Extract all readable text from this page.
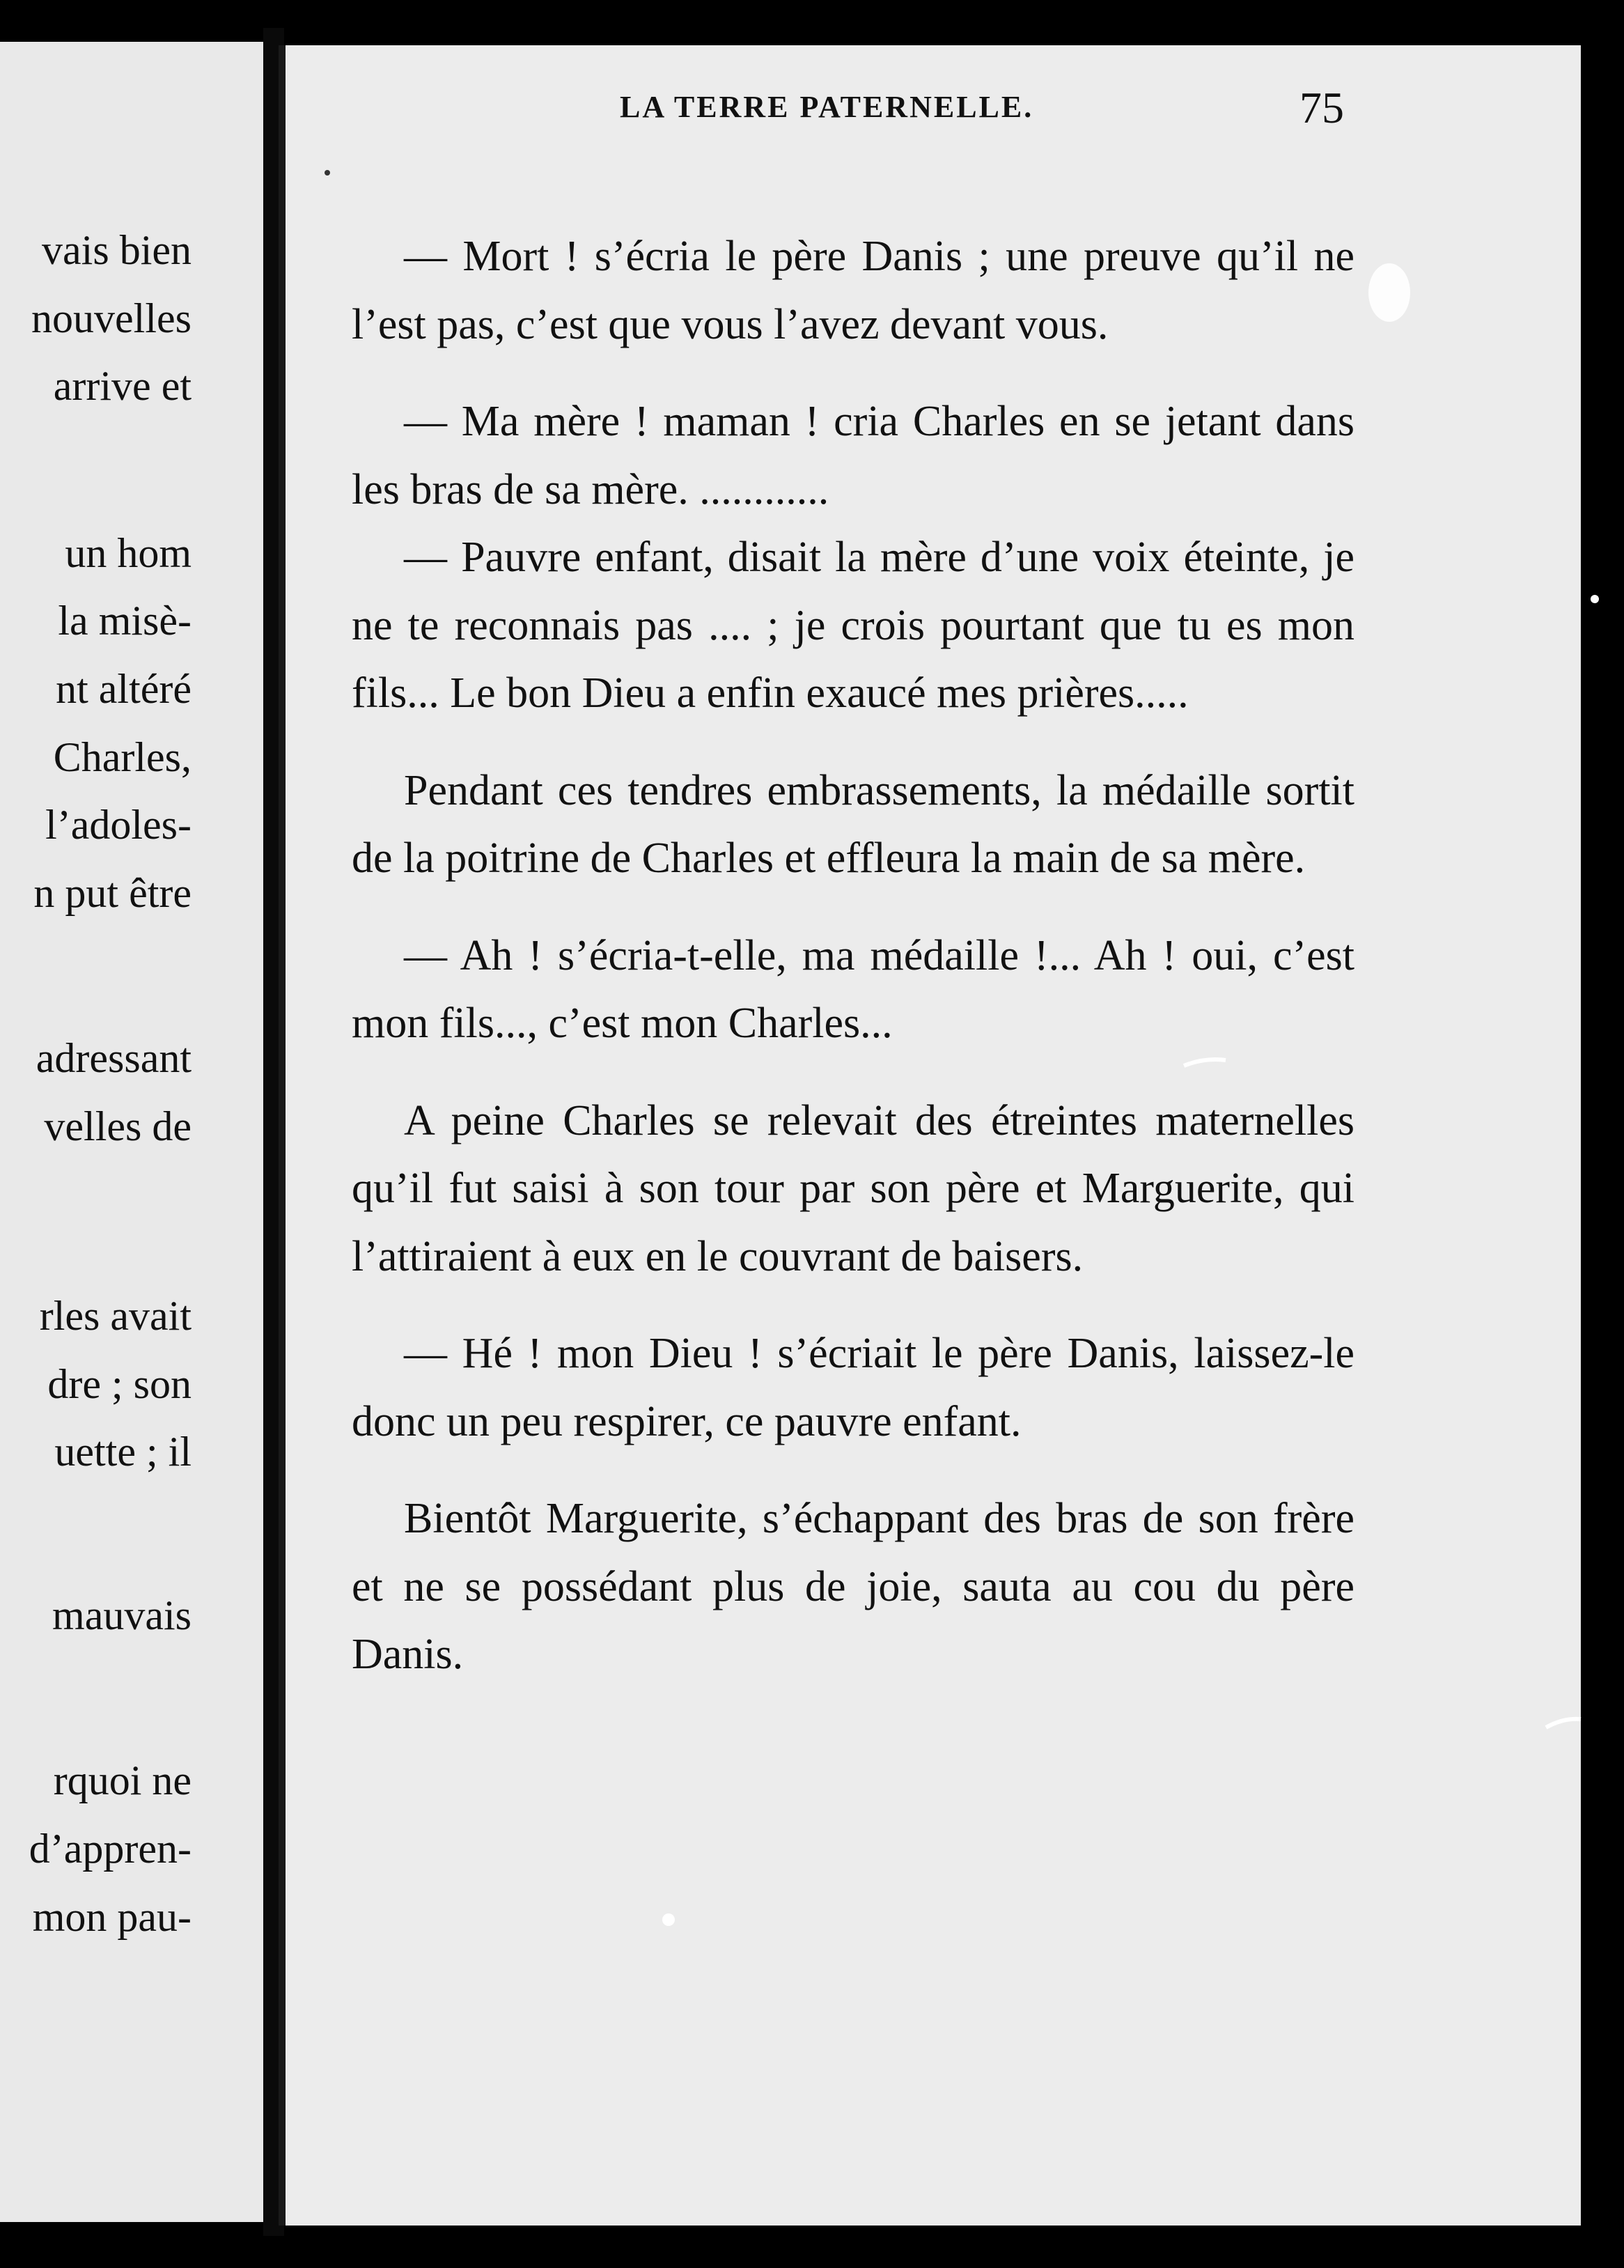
vais bien
nouvelles
arrive et
un hom
la misè-
nt altéré
Charles,
l’adoles-
n put être
adressant
velles de
rles avait
dre ; son
uette ; il
mauvais
rquoi ne
d’appren-
mon pau-
LA TERRE PATERNELLE.	75

— Mort ! s’écria le père Danis ; une preuve qu’il ne l’est pas, c’est que vous l’avez devant vous.

— Ma mère ! maman ! cria Charles en se jetant dans les bras de sa mère. ............

— Pauvre enfant, disait la mère d’une voix éteinte, je ne te reconnais pas .... ; je crois pourtant que tu es mon fils... Le bon Dieu a enfin exaucé mes prières.....

Pendant ces tendres embrassements, la médaille sortit de la poitrine de Charles et effleura la main de sa mère.

— Ah ! s’écria-t-elle, ma médaille !... Ah ! oui, c’est mon fils..., c’est mon Charles...

A peine Charles se relevait des étreintes maternelles qu’il fut saisi à son tour par son père et Marguerite, qui l’attiraient à eux en le couvrant de baisers.

— Hé ! mon Dieu ! s’écriait le père Danis, laissez-le donc un peu respirer, ce pauvre enfant.

Bientôt Marguerite, s’échappant des bras de son frère et ne se possédant plus de joie, sauta au cou du père Danis.
